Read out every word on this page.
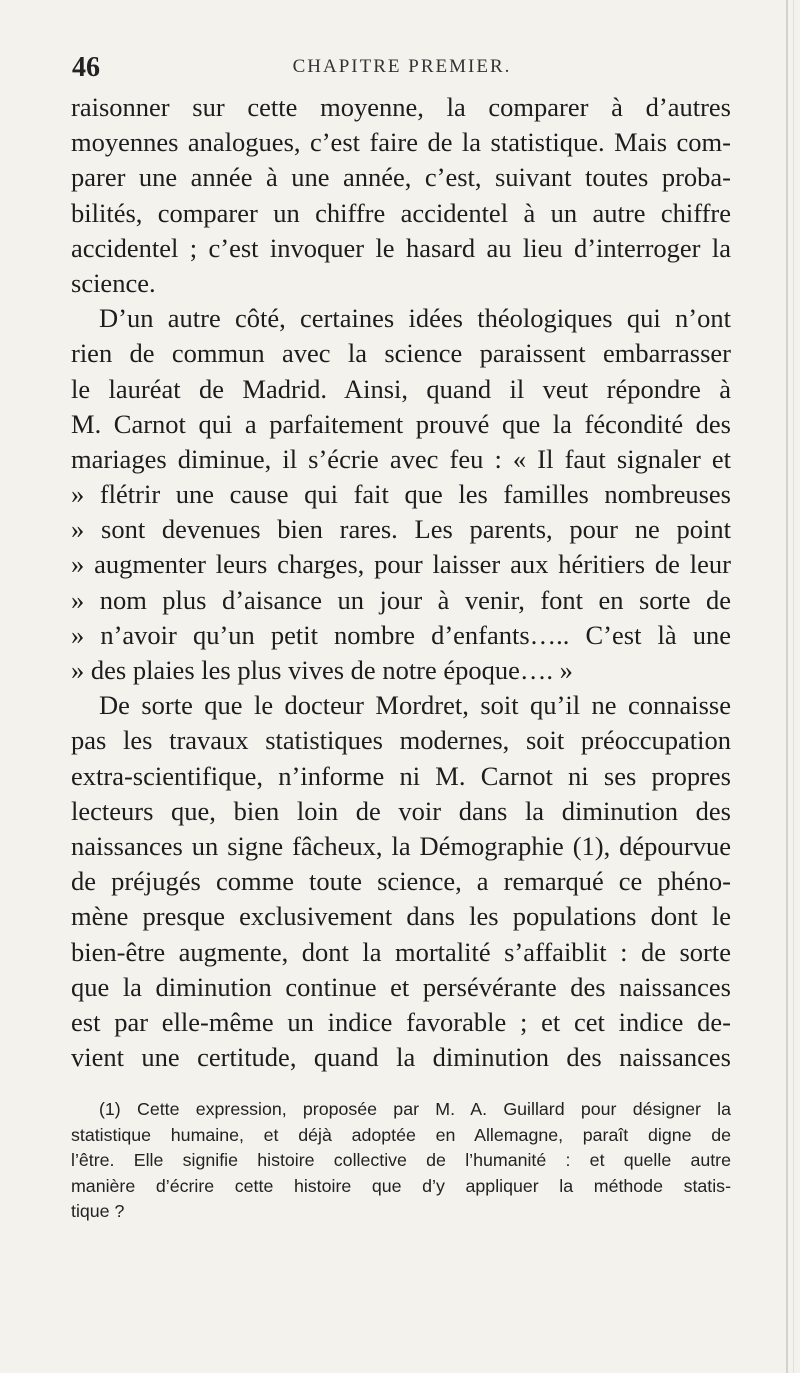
46	CHAPITRE PREMIER.
raisonner sur cette moyenne, la comparer à d’autres
moyennes analogues, c’est faire de la statistique. Mais com-
parer une année à une année, c’est, suivant toutes proba-
bilités, comparer un chiffre accidentel à un autre chiffre
accidentel ; c’est invoquer le hasard au lieu d’interroger la
science.
D’un autre côté, certaines idées théologiques qui n’ont
rien de commun avec la science paraissent embarrasser
le lauréat de Madrid. Ainsi, quand il veut répondre à
M. Carnot qui a parfaitement prouvé que la fécondité des
mariages diminue, il s’écrie avec feu : « Il faut signaler et
» flétrir une cause qui fait que les familles nombreuses
» sont devenues bien rares. Les parents, pour ne point
» augmenter leurs charges, pour laisser aux héritiers de leur
» nom plus d’aisance un jour à venir, font en sorte de
» n’avoir qu’un petit nombre d’enfants….. C’est là une
» des plaies les plus vives de notre époque…. »
De sorte que le docteur Mordret, soit qu’il ne connaisse
pas les travaux statistiques modernes, soit préoccupation
extra-scientifique, n’informe ni M. Carnot ni ses propres
lecteurs que, bien loin de voir dans la diminution des
naissances un signe fâcheux, la Démographie (1), dépourvue
de préjugés comme toute science, a remarqué ce phéno-
mène presque exclusivement dans les populations dont le
bien-être augmente, dont la mortalité s’affaiblit : de sorte
que la diminution continue et persévérante des naissances
est par elle-même un indice favorable ; et cet indice de-
vient une certitude, quand la diminution des naissances
(1) Cette expression, proposée par M. A. Guillard pour désigner la
statistique humaine, et déjà adoptée en Allemagne, paraît digne de
l’être. Elle signifie histoire collective de l’humanité : et quelle autre
manière d’écrire cette histoire que d’y appliquer la méthode statis-
tique ?
